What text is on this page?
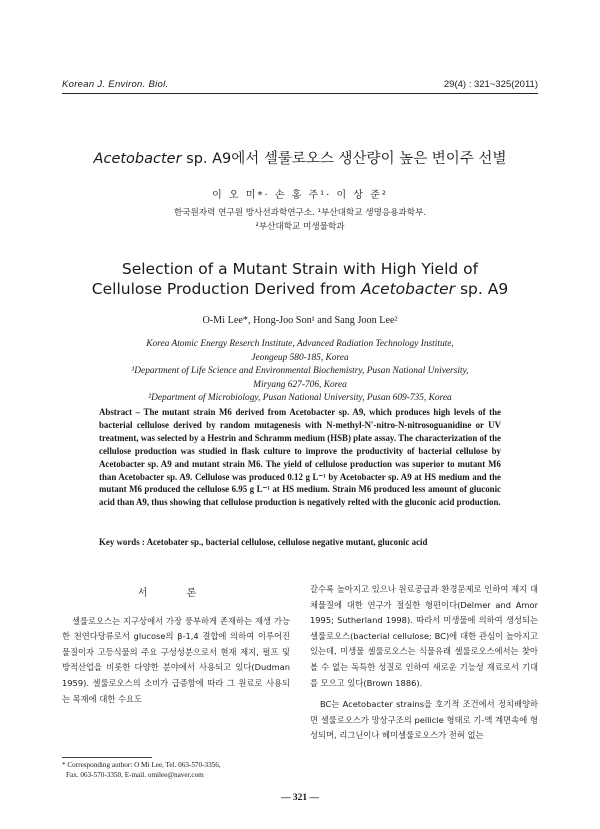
Korean J. Environ. Biol.	29(4) : 321~325(2011)
Acetobacter sp. A9에서 셀룰로오스 생산량이 높은 변이주 선별
이 오 미*· 손 홍 주¹· 이 상 준²
한국원자력 연구원 방사선과학연구소. ¹부산대학교 생명응용과학부.
²부산대학교 미생물학과
Selection of a Mutant Strain with High Yield of
Cellulose Production Derived from Acetobacter sp. A9
O-Mi Lee*, Hong-Joo Son¹ and Sang Joon Lee²
Korea Atomic Energy Reserch Institute, Advanced Radiation Technology Institute,
Jeongeup 580-185, Korea
¹Department of Life Science and Environmental Biochemistry, Pusan National University,
Miryang 627-706, Korea
²Department of Microbiology, Pusan National University, Pusan 609-735, Korea
Abstract – The mutant strain M6 derived from Acetobacter sp. A9, which produces high levels of the bacterial cellulose derived by random mutagenesis with N-methyl-N′-nitro-N-nitrosoguanidine or UV treatment, was selected by a Hestrin and Schramm medium (HSB) plate assay. The characterization of the cellulose production was studied in flask culture to improve the productivity of bacterial cellulose by Acetobacter sp. A9 and mutant strain M6. The yield of cellulose production was superior to mutant M6 than Acetobacter sp. A9. Cellulose was produced 0.12 g L⁻¹ by Acetobacter sp. A9 at HS medium and the mutant M6 produced the cellulose 6.95 g L⁻¹ at HS medium. Strain M6 produced less amount of gluconic acid than A9, thus showing that cellulose production is negatively relted with the gluconic acid production.
Key words : Acetobater sp., bacterial cellulose, cellulose negative mutant, gluconic acid
서 론

셀룰로오스는 지구상에서 가장 풍부하게 존재하는 재생 가능한 천연다당류로서 glucose의 β-1,4 결합에 의하여 이루어진 물질이자 고등식물의 주요 구성성분으로서 현재 제지, 펄프 및 방적산업을 비롯한 다양한 분야에서 사용되고 있다(Dudman 1959). 셀룰로오스의 소비가 급증함에 따라 그 원료로 사용되는 목재에 대한 수요도

갈수록 높아지고 있으나 원료공급과 환경문제로 인하여 제지 대체물질에 대한 연구가 절실한 형편이다(Delmer and Amor 1995; Sutherland 1998). 따라서 미생물에 의하여 생성되는 셀룰로오스(bacterial cellulose; BC)에 대한 관심이 높아지고 있는데, 미생물 셀룰로오스는 식물유래 셀룰로오스에서는 찾아볼 수 없는 독특한 성질로 인하여 새로운 기능성 재료로서 기대를 모으고 있다(Brown 1886).

BC는 Acetobacter strains을 호기적 조건에서 정치배양하면 셀룰로오스가 망상구조의 pellicle 형태로 기-액 계면속에 형성되며, 리그닌이나 헤미셀룰로오스가 전혀 없는

* Corresponding author: O Mi Lee, Tel. 063-570-3356,
Fax. 063-570-3350, E-mail. omilee@naver.com
— 321 —
